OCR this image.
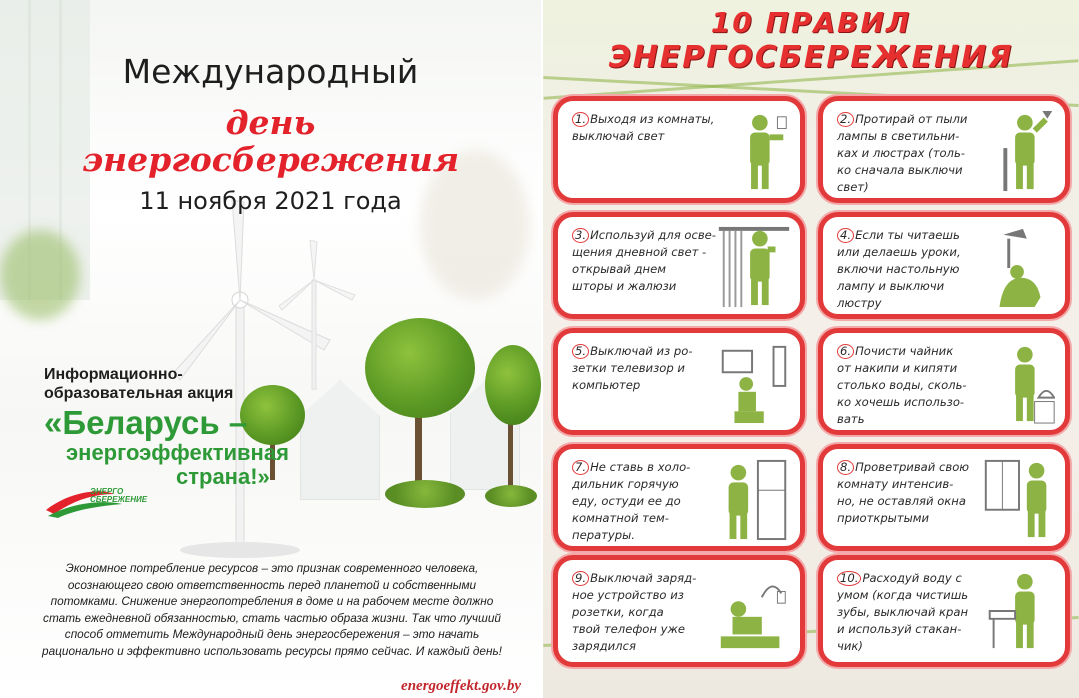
Международный
день
энергосбережения
11 ноября 2021 года
Информационно-
образовательная акция
«Беларусь –
энергоэффективная
страна!»
ЭНЕРГО
СБЕРЕЖЕНИЕ
Экономное потребление ресурсов – это признак современного человека,
осознающего свою ответственность перед планетой и собственными
потомками. Снижение энергопотребления в доме и на рабочем месте должно
стать ежедневной обязанностью, стать частью образа жизни. Так что лучший
способ отметить Международный день энергосбережения – это начать
рационально и эффективно использовать ресурсы прямо сейчас. И каждый день!
energoeffekt.gov.by
10 ПРАВИЛ
ЭНЕРГОСБЕРЕЖЕНИЯ
1. Выходя из комнаты,
выключай свет
2. Протирай от пыли
лампы в светильни-
ках и люстрах (толь-
ко сначала выключи
свет)
3. Используй для осве-
щения дневной свет -
открывай днем
шторы и жалюзи
4. Если ты читаешь
или делаешь уроки,
включи настольную
лампу и выключи
люстру
5. Выключай из ро-
зетки телевизор и
компьютер
6. Почисти чайник
от накипи и кипяти
столько воды, сколь-
ко хочешь использо-
вать
7. Не ставь в холо-
дильник горячую
еду, остуди ее до
комнатной тем-
пературы.
8. Проветривай свою
комнату интенсив-
но, не оставляй окна
приоткрытыми
9. Выключай заряд-
ное устройство из
розетки, когда
твой телефон уже
зарядился
10. Расходуй воду с
умом (когда чистишь
зубы, выключай кран
и используй стакан-
чик)
